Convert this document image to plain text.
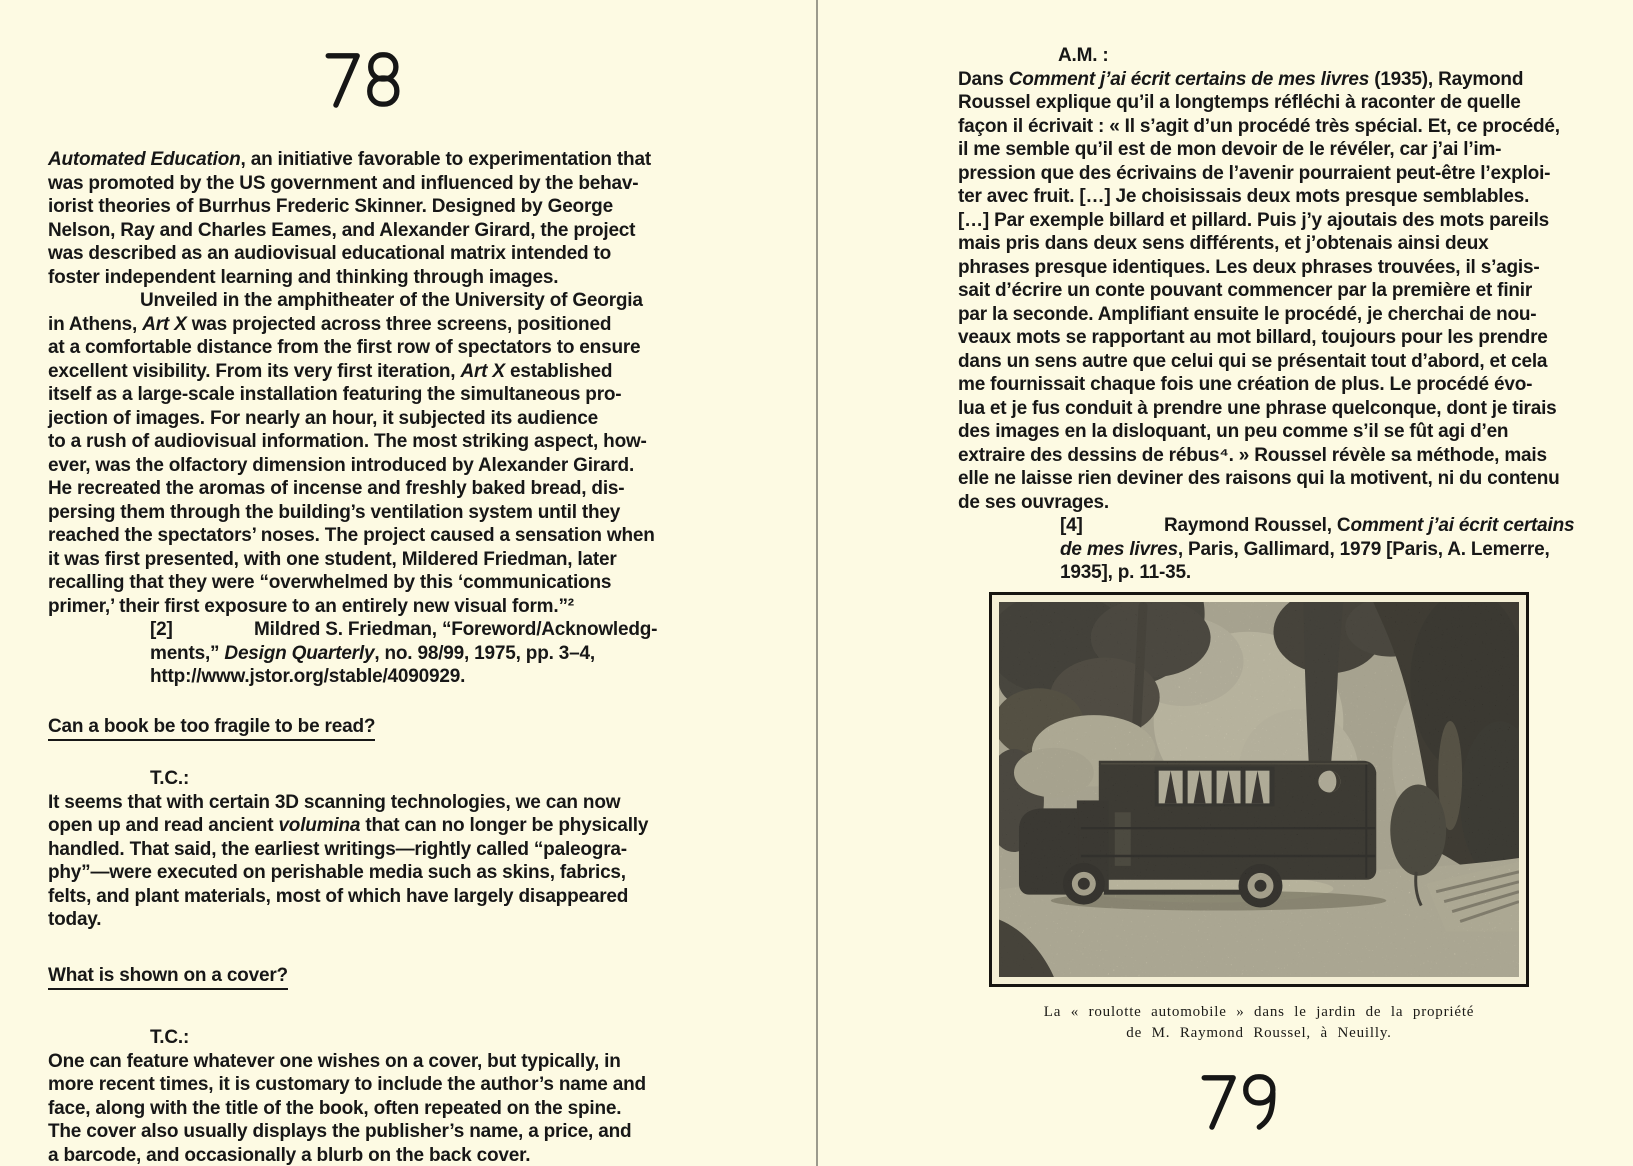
Automated Education, an initiative favorable to experimentation that
was promoted by the US government and influenced by the behav-
iorist theories of Burrhus Frederic Skinner. Designed by George
Nelson, Ray and Charles Eames, and Alexander Girard, the project
was described as an audiovisual educational matrix intended to
foster independent learning and thinking through images.
Unveiled in the amphitheater of the University of Georgia
in Athens, Art X was projected across three screens, positioned
at a comfortable distance from the first row of spectators to ensure
excellent visibility. From its very first iteration, Art X established
itself as a large-scale installation featuring the simultaneous pro-
jection of images. For nearly an hour, it subjected its audience
to a rush of audiovisual information. The most striking aspect, how-
ever, was the olfactory dimension introduced by Alexander Girard.
He recreated the aromas of incense and freshly baked bread, dis-
persing them through the building’s ventilation system until they
reached the spectators’ noses. The project caused a sensation when
it was first presented, with one student, Mildered Friedman, later
recalling that they were “overwhelmed by this ‘communications
primer,’ their first exposure to an entirely new visual form.”²
[2]	Mildred S. Friedman, “Foreword/Acknowledg-
ments,” Design Quarterly, no. 98/99, 1975, pp. 3–4,
http://www.jstor.org/stable/4090929.
Can a book be too fragile to be read?
T.C.:
It seems that with certain 3D scanning technologies, we can now
open up and read ancient volumina that can no longer be physically
handled. That said, the earliest writings—rightly called “paleogra-
phy”—were executed on perishable media such as skins, fabrics,
felts, and plant materials, most of which have largely disappeared
today.
What is shown on a cover?
T.C.:
One can feature whatever one wishes on a cover, but typically, in
more recent times, it is customary to include the author’s name and
face, along with the title of the book, often repeated on the spine.
The cover also usually displays the publisher’s name, a price, and
a barcode, and occasionally a blurb on the back cover.
A.M. :
Dans Comment j’ai écrit certains de mes livres (1935), Raymond
Roussel explique qu’il a longtemps réfléchi à raconter de quelle
façon il écrivait : « Il s’agit d’un procédé très spécial. Et, ce procédé,
il me semble qu’il est de mon devoir de le révéler, car j’ai l’im-
pression que des écrivains de l’avenir pourraient peut-être l’exploi-
ter avec fruit. […] Je choisissais deux mots presque semblables.
[…] Par exemple billard et pillard. Puis j’y ajoutais des mots pareils
mais pris dans deux sens différents, et j’obtenais ainsi deux
phrases presque identiques. Les deux phrases trouvées, il s’agis-
sait d’écrire un conte pouvant commencer par la première et finir
par la seconde. Amplifiant ensuite le procédé, je cherchai de nou-
veaux mots se rapportant au mot billard, toujours pour les prendre
dans un sens autre que celui qui se présentait tout d’abord, et cela
me fournissait chaque fois une création de plus. Le procédé évo-
lua et je fus conduit à prendre une phrase quelconque, dont je tirais
des images en la disloquant, un peu comme s’il se fût agi d’en
extraire des dessins de rébus⁴. » Roussel révèle sa méthode, mais
elle ne laisse rien deviner des raisons qui la motivent, ni du contenu
de ses ouvrages.
[4]	Raymond Roussel, Comment j’ai écrit certains
de mes livres, Paris, Gallimard, 1979 [Paris, A. Lemerre,
1935], p. 11-35.
La « roulotte automobile » dans le jardin de la propriété
de M. Raymond Roussel, à Neuilly.
